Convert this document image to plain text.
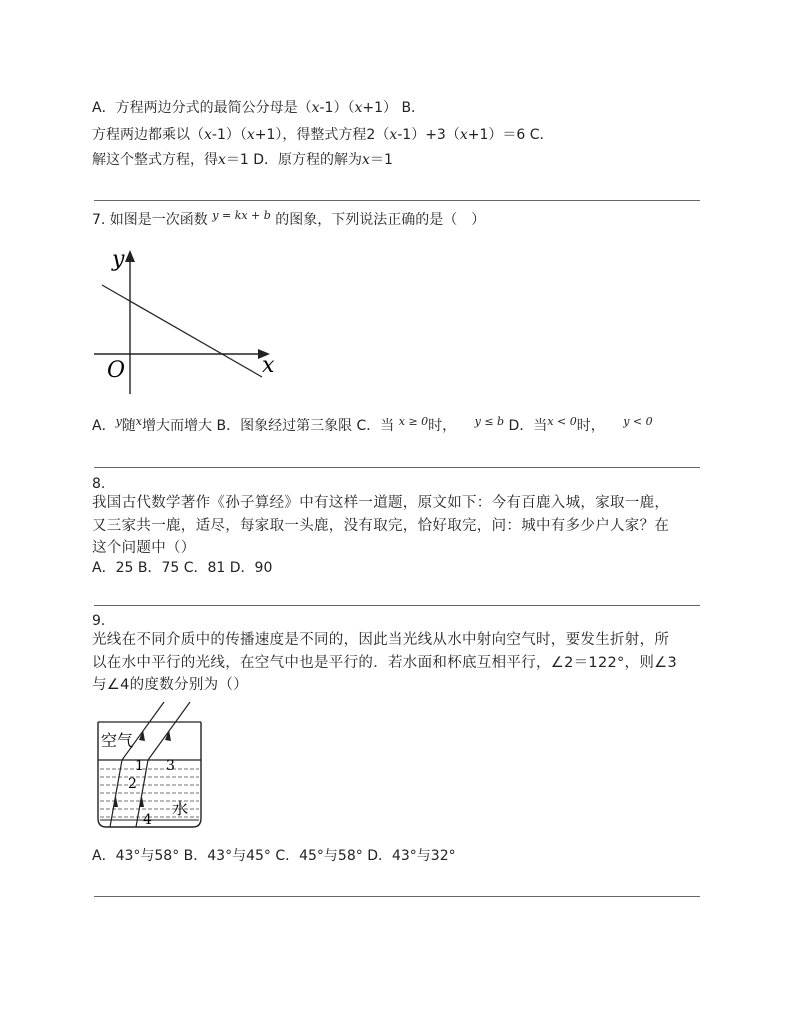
A．方程两边分式的最简公分母是（x-1）（x+1） B．
方程两边都乘以（x-1）（x+1），得整式方程2（x-1）+3（x+1）＝6 C．
解这个整式方程，得x＝1 D．原方程的解为x＝1
7. 如图是一次函数 $^{y = kx + b}$ 的图象，下列说法正确的是（　）
y
x
O
A．$^y$随$^x$增大而增大 B．图象经过第三象限 C．当 $^{x \ge 0}$时，   $^{y \le b}$ D．当$^{x < 0}$时，   $^{y < 0}$
8.
我国古代数学著作《孙子算经》中有这样一道题，原文如下：今有百鹿入城，家取一鹿，
又三家共一鹿，适尽，每家取一头鹿，没有取完，恰好取完，问：城中有多少户人家？在
这个问题中（）
A．25 B．75 C．81 D．90
9.
光线在不同介质中的传播速度是不同的，因此当光线从水中射向空气时，要发生折射，所
以在水中平行的光线，在空气中也是平行的．若水面和杯底互相平行，∠2＝122°，则∠3
与∠4的度数分别为（）
空气
水
1 3
2
4
A．43°与58° B．43°与45° C．45°与58° D．43°与32°
